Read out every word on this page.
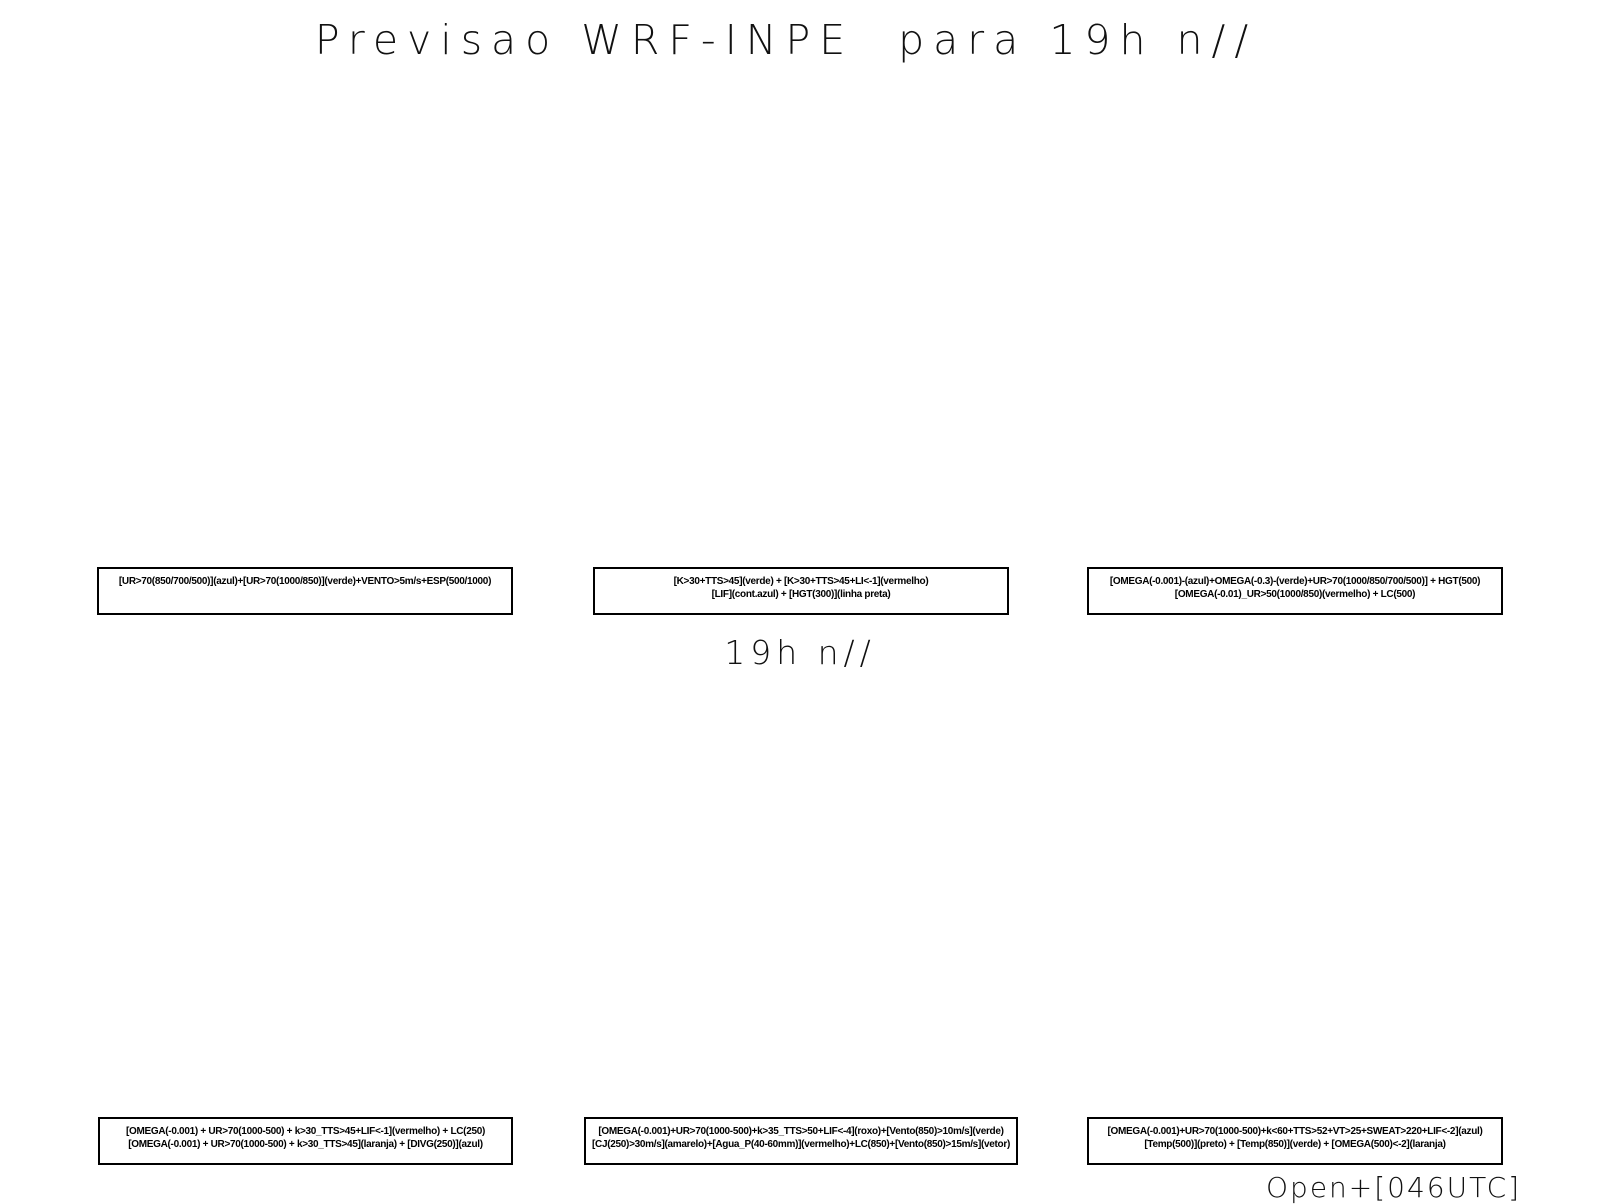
Previsao WRF-INPE  para 19h n//
[UR>70(850/700/500)](azul)+[UR>70(1000/850)](verde)+VENTO>5m/s+ESP(500/1000)	[K>30+TTS>45](verde) + [K>30+TTS>45+LI<-1](vermelho)
[LIF](cont.azul) + [HGT(300)](linha preta)
[OMEGA(-0.001)-(azul)+OMEGA(-0.3)-(verde)+UR>70(1000/850/700/500)] + HGT(500)
[OMEGA(-0.01)_UR>50(1000/850)(vermelho) + LC(500)
19h n//
[OMEGA(-0.001) + UR>70(1000-500) + k>30_TTS>45+LIF<-1](vermelho) + LC(250)
[OMEGA(-0.001) + UR>70(1000-500) + k>30_TTS>45](laranja) + [DIVG(250)](azul)
[OMEGA(-0.001)+UR>70(1000-500)+k>35_TTS>50+LIF<-4](roxo)+[Vento(850)>10m/s](verde)
[CJ(250)>30m/s](amarelo)+[Agua_P(40-60mm)](vermelho)+LC(850)+[Vento(850)>15m/s](vetor)
[OMEGA(-0.001)+UR>70(1000-500)+k<60+TTS>52+VT>25+SWEAT>220+LIF<-2](azul)
[Temp(500)](preto) + [Temp(850)](verde) + [OMEGA(500)<-2](laranja)
Open+[046UTC]
